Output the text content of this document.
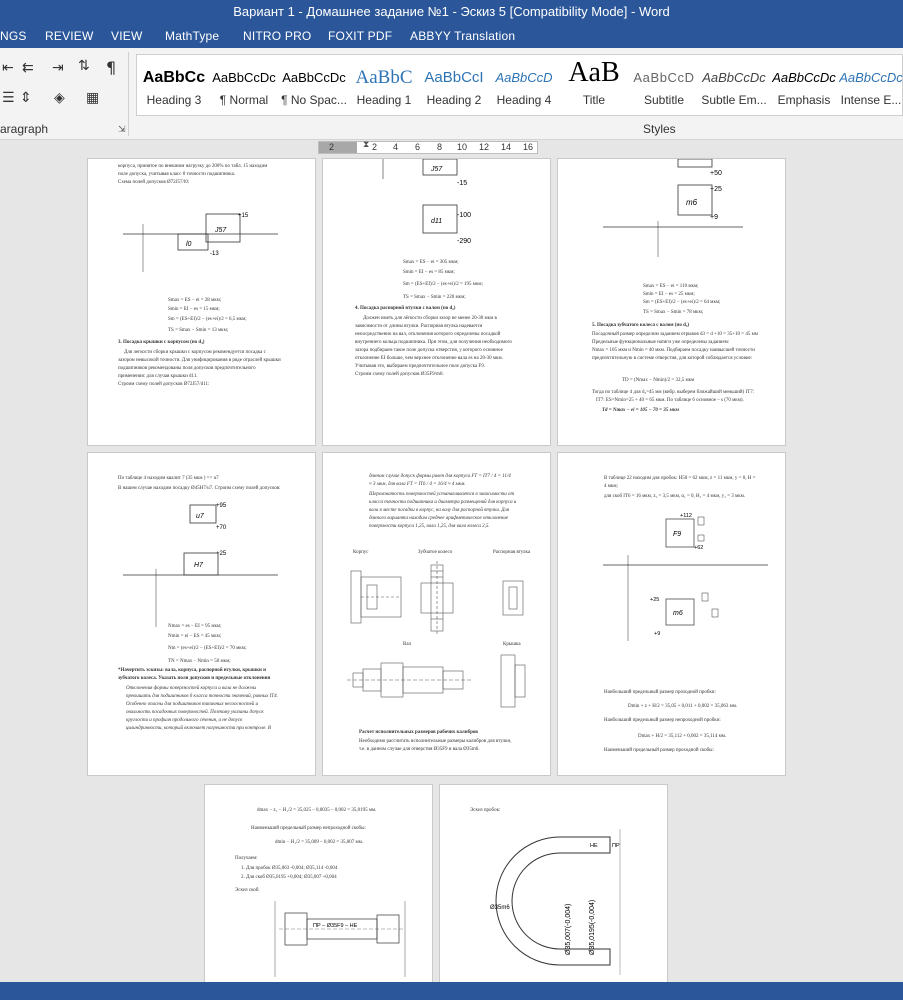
Вариант 1 - Домашнее задание №1 - Эскиз 5 [Compatibility Mode] - Word
NGS REVIEW VIEW MathType NITRO PRO FOXIT PDF ABBYY Translation
⇤ ⇇ ⇥ ⇅ ¶
☰ ⇕ ◈ ▦
aragraph	⇲
AaBbCc
Heading 3
AaBbCcDc
¶ Normal
AaBbCcDc
¶ No Spac...
AaBbC
Heading 1
AaBbCcI
Heading 2
AaBbCcD
Heading 4
AaB
Title
AaBbCcD
Subtitle
AaBbCcDc
Subtle Em...
AaBbCcDc
Emphasis
AaBbCcDc
Intense E...
Styles
2	⧗ 2 4 6 8 10 12 14 16
корпуса, принятое по внешним нагрузку до 200% по табл. 15 находим
поле допуска, учитывая класс 0 точности подшипника.
Схема полей допусков Ø72J57/l0:
J57
l0
+15
-13
Smax = ES − ei = 28 мкм;
Smin = EI − es = 15 мкм;
Sm = (ES+EI)/2 − (es+ei)/2 = 6,5 мкм;
TS = Smax − Smin = 13 мкм;
3. Посадка крышки с корпусом (по d₄)
Для легкости сборки крышки с корпусом рекомендуется посадка с
зазором невысокой точности. Для унифицирования в ряде отраслей крышки
подшипников рекомендованы поля допусков предпочтительного
применения: для случая крышки d11.
Строим схему полей допусков Ø72J57/d11:
J57
-15
d11
-100
-290
Smax = ES − ei = 305 мкм;
Smin = EI − es = 85 мкм;
Sm = (ES+EI)/2 − (es+ei)/2 = 195 мкм;
TS = Smax − Smin = 220 мкм;
4. Посадка распорной втулки с валом (по d₂)
Должен иметь для лёгкости сборки зазор не менее 20-30 мкм в
зависимости от длины втулки. Распорная втулка надевается
непосредственно на вал, отклонения которого определены посадкой
внутреннего кольца подшипника. При этом, для получения необходимого
зазора подбираем такое поле допуска отверстия, у которого основное
отклонение EI больше, чем верхнее отклонение вала es на 20-30 мкм.
Учитывая это, выбираем предпочтительное поле допуска F9.
Строим схему полей допусков Ø35F9/m6:
+50
+25
m6
+9
Smax = ES − ei = 110 мкм;
Smin = EI − es = 25 мкм;
Sm = (ES+EI)/2 − (es+ei)/2 = 64 мкм;
TS = Smax − Smin = 78 мкм;
5. Посадка зубчатого колеса с валом (по d₃)
Посадочный размер определим заданием отрывов d3 = d +10 = 35+10 = 45 мм
Предельные функциональные натяги уже определены заданием:
Nmax = 105 мкм и Nmin = 40 мкм. Подбираем посадку наивысшей точности
предпочтительную в системе отверстия, для которой соблюдается условие:
TD = (Nmax − Nmin)/2 = 32,5 мкм
Тогда по таблице 4 для d₃=45 мм (вибр. выберем ближайший меньший) IT7:
IT7: ES=Nmin=25 + 40 = 65 мкм. По таблице 6 основное – s (70 мкм).
Td = Nmax − ei = 105 − 70 = 35 мкм
По таблице 4 находим квалит 7 (35 мкм ) => u7
В нашем случае находим посадку Ø45H7/u7. Строим схему полей допусков:
u7
+95
+70
+25
H7
Nmax = es − EI = 95 мкм;
Nmin = ei − ES = 45 мкм;
Nm = (es+ei)/2 − (ES+EI)/2 = 70 мкм;
TN = Nmax − Nmin = 50 мкм;
*Начертить эскизы: вала, корпуса, распорной втулки, крышки и
зубчатого колеса. Указать поля допусков и предельные отклонения
Отклонения формы поверхностей корпуса и вала не должны
превышать для подшипников 0 класса точности значений, равных IT4.
Особенно опасны для подшипников типичных несоосностей и
овальность посадочных поверхностей. Поэтому указаны допуск
круглости и профиля продольного сечения, а не допуск
цилиндричности, который включает погрешности при контроле. В
данном случае допуск формы равен для корпуса FT = IT7 / 4 = 11/4
≈ 3 мкм, для вала FT = IT6 / 4 = 16/4 ≈ 4 мкм.
Шероховатость поверхностей устанавливается в зависимости от
класса точности подшипника и диаметра размещений для корпуса и
вала в месте посадки в корпус, на валу для распорной втулки. Для
данного варианта находим среднее арифметическое отклонение
поверхности корпуса 1,25, вала 1,25, для вала колеса 2,5.
Корпус	Зубчатое колесо	Распорная втулка
Вал	Крышка
Расчет исполнительных размеров рабочих калибров
Необходимо рассчитать исполнительные размеры калибров для втулки,
т.е. в данном случае для отверстия Ø35F9 и вала Ø35m6.
В таблице 22 находим для пробок: Н50 = 62 мкм, z = 11 мкм, y = 0, Н =
4 мкм;
для скоб IT6 = 16 мкм, z₁ = 3,5 мкм, α₁ = 0, Н₁ = 4 мкм, y₁ = 3 мкм.
+112
F9
+62
+25
m6
+9
Наибольший предельный размер проходной пробки:
Dmin + z + H/2 = 35,05 + 0,011 + 0,002 = 35,063 мм.
Наибольший предельный размер непроходной пробки:
Dmax + H/2 = 35,112 + 0,002 = 35,114 мм.
Наименьший предельный размер проходной скобы:
dmax − z₁ − H₁/2 = 35,025 – 0,0035 – 0,002 = 35,0195 мм.
Наименьший предельный размер непроходной скобы:
dmin − H₁/2 = 35,009 – 0,002 = 35,007 мм.
Получаем:
1. Для пробок Ø35,063 -0,004; Ø35,114 -0,004
2. Для скоб Ø35,0195 +0,004; Ø35,007 +0,004
Эскиз скоб:
ПР – Ø35F9 – НЕ
Эскиз пробок:
ПР
НЕ
Ø35m6	Ø35,007(-0,004) Ø35,0195(-0,004)
